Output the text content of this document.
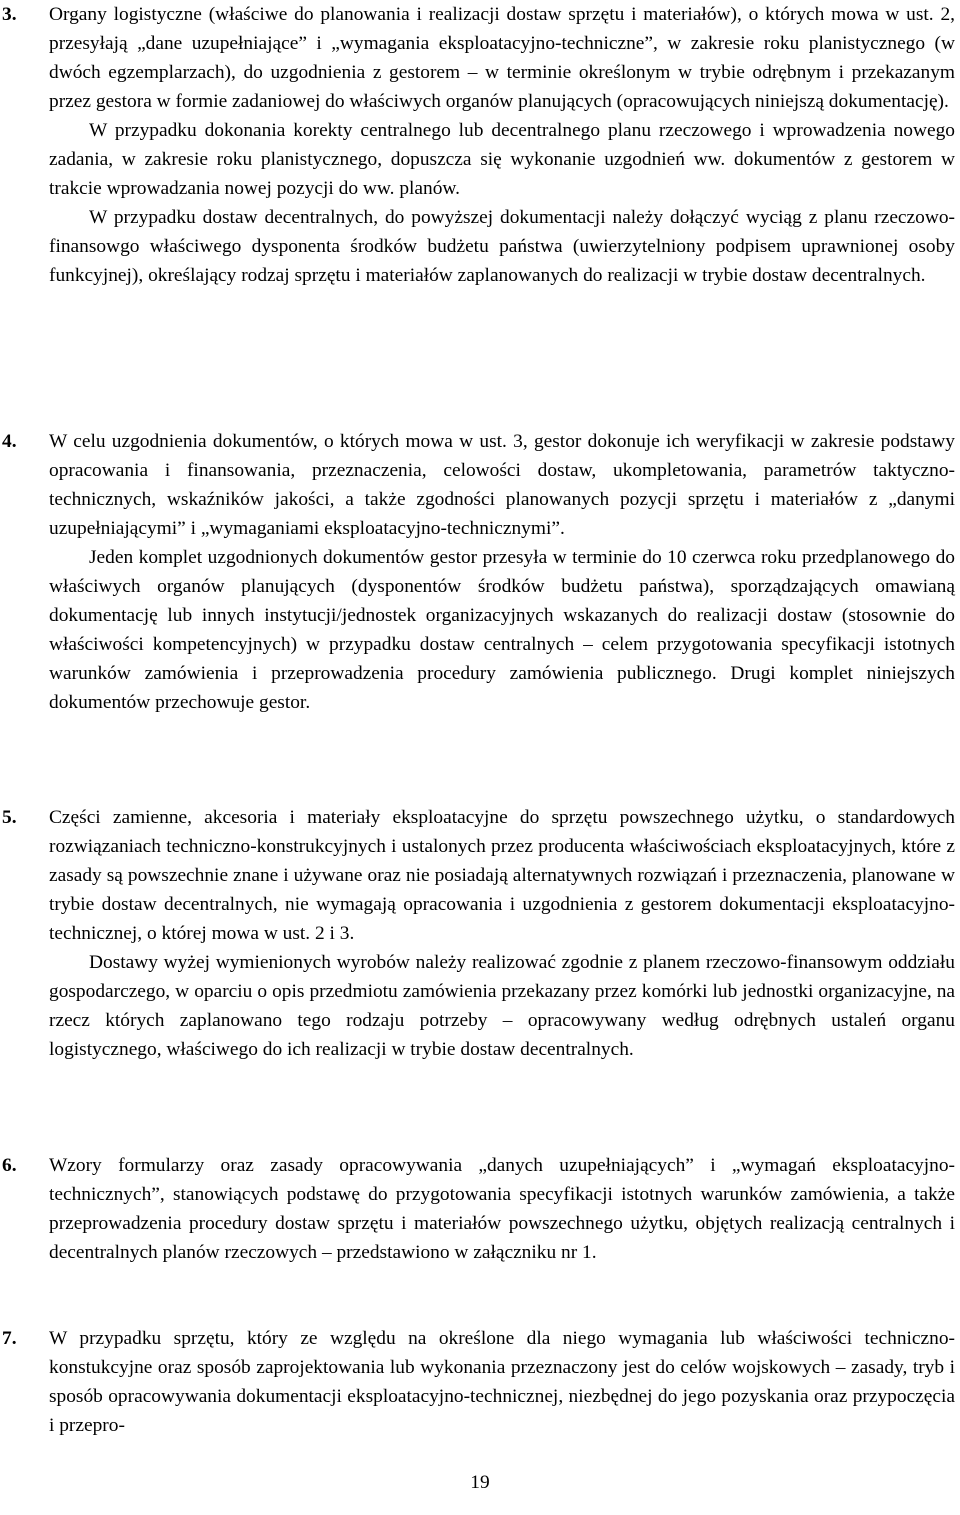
3. Organy logistyczne (właściwe do planowania i realizacji dostaw sprzętu i materiałów), o których mowa w ust. 2, przesyłają „dane uzupełniające” i „wymagania eksploatacyjno-techniczne”, w zakresie roku planistycznego (w dwóch egzemplarzach), do uzgodnienia z gestorem – w terminie określonym w trybie odrębnym i przekazanym przez gestora w formie zadaniowej do właściwych organów planujących (opracowujących niniejszą dokumentację).

W przypadku dokonania korekty centralnego lub decentralnego planu rzeczowego i wprowadzenia nowego zadania, w zakresie roku planistycznego, dopuszcza się wykonanie uzgodnień ww. dokumentów z gestorem w trakcie wprowadzania nowej pozycji do ww. planów.

W przypadku dostaw decentralnych, do powyższej dokumentacji należy dołączyć wyciąg z planu rzeczowo-finansowgo właściwego dysponenta środków budżetu państwa (uwierzytelniony podpisem uprawnionej osoby funkcyjnej), określający rodzaj sprzętu i materiałów zaplanowanych do realizacji w trybie dostaw decentralnych.

4. W celu uzgodnienia dokumentów, o których mowa w ust. 3, gestor dokonuje ich weryfikacji w zakresie podstawy opracowania i finansowania, przeznaczenia, celowości dostaw, ukompletowania, parametrów taktyczno-technicznych, wskaźników jakości, a także zgodności planowanych pozycji sprzętu i materiałów z „danymi uzupełniającymi” i „wymaganiami eksploatacyjno-technicznymi”.

Jeden komplet uzgodnionych dokumentów gestor przesyła w terminie do 10 czerwca roku przedplanowego do właściwych organów planujących (dysponentów środków budżetu państwa), sporządzających omawianą dokumentację lub innych instytucji/jednostek organizacyjnych wskazanych do realizacji dostaw (stosownie do właściwości kompetencyjnych) w przypadku dostaw centralnych – celem przygotowania specyfikacji istotnych warunków zamówienia i przeprowadzenia procedury zamówienia publicznego. Drugi komplet niniejszych dokumentów przechowuje gestor.

5. Części zamienne, akcesoria i materiały eksploatacyjne do sprzętu powszechnego użytku, o standardowych rozwiązaniach techniczno-konstrukcyjnych i ustalonych przez producenta właściwościach eksploatacyjnych, które z zasady są powszechnie znane i używane oraz nie posiadają alternatywnych rozwiązań i przeznaczenia, planowane w trybie dostaw decentralnych, nie wymagają opracowania i uzgodnienia z gestorem dokumentacji eksploatacyjno-technicznej, o której mowa w ust. 2 i 3.

Dostawy wyżej wymienionych wyrobów należy realizować zgodnie z planem rzeczowo-finansowym oddziału gospodarczego, w oparciu o opis przedmiotu zamówienia przekazany przez komórki lub jednostki organizacyjne, na rzecz których zaplanowano tego rodzaju potrzeby – opracowywany według odrębnych ustaleń organu logistycznego, właściwego do ich realizacji w trybie dostaw decentralnych.

6. Wzory formularzy oraz zasady opracowywania „danych uzupełniających” i „wymagań eksploatacyjno-technicznych”, stanowiących podstawę do przygotowania specyfikacji istotnych warunków zamówienia, a także przeprowadzenia procedury dostaw sprzętu i materiałów powszechnego użytku, objętych realizacją centralnych i decentralnych planów rzeczowych – przedstawiono w załączniku nr 1.

7. W przypadku sprzętu, który ze względu na określone dla niego wymagania lub właściwości techniczno-konstukcyjne oraz sposób zaprojektowania lub wykonania przeznaczony jest do celów wojskowych – zasady, tryb i sposób opracowywania dokumentacji eksploatacyjno-technicznej, niezbędnej do jego pozyskania oraz przypoczęcia i przepro-

19
